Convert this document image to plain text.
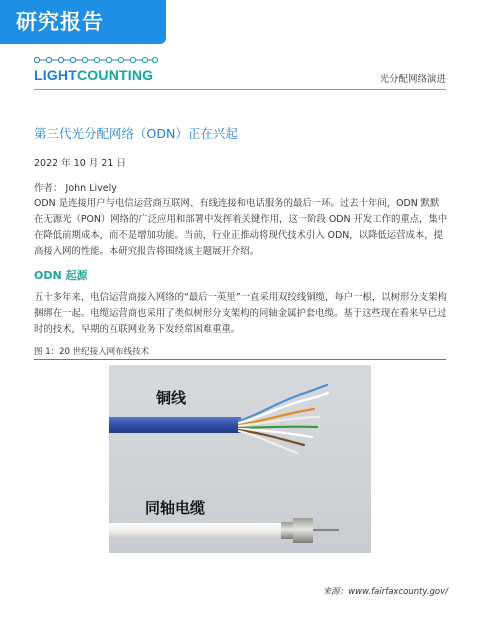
研究报告
LIGHTCOUNTING	光分配网络演进
第三代光分配网络（ODN）正在兴起
2022 年 10 月 21 日
作者： John Lively
ODN 是连接用户与电信运营商互联网、有线连接和电话服务的最后一环。过去十年间，ODN 默默在无源光（PON）网络的广泛应用和部署中发挥着关键作用，这一阶段 ODN 开发工作的重点，集中在降低前期成本，而不是增加功能。当前，行业正推动将现代技术引入 ODN，以降低运营成本，提高接入网的性能。本研究报告将围绕该主题展开介绍。
ODN 起源
五十多年来，电信运营商接入网络的“最后一英里”一直采用双绞线铜缆，每户一根，以树形分支架构捆绑在一起。电缆运营商也采用了类似树形分支架构的同轴金属护套电缆。基于这些现在看来早已过时的技术，早期的互联网业务下发经常困难重重。
图 1：20 世纪接入网布线技术
铜线
同轴电缆
来源：www.fairfaxcounty.gov/
